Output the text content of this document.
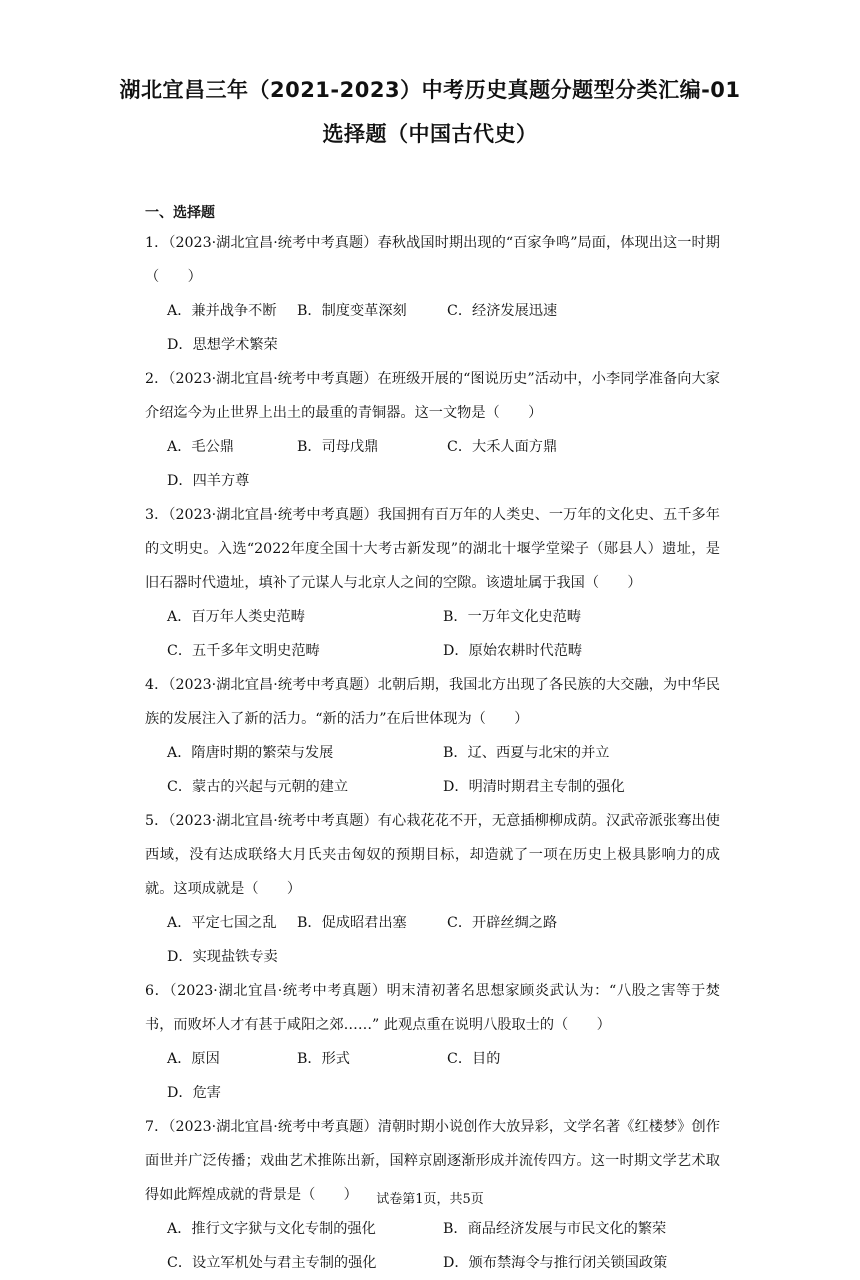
湖北宜昌三年（2021-2023）中考历史真题分题型分类汇编-01
选择题（中国古代史）
一、选择题
1．（2023·湖北宜昌·统考中考真题）春秋战国时期出现的“百家争鸣”局面，体现出这一时期（　　）
A．兼并战争不断	B．制度变革深刻	C．经济发展迅速
D．思想学术繁荣
2．（2023·湖北宜昌·统考中考真题）在班级开展的“图说历史”活动中，小李同学准备向大家介绍迄今为止世界上出土的最重的青铜器。这一文物是（　　）
A．毛公鼎	B．司母戊鼎	C．大禾人面方鼎
D．四羊方尊
3．（2023·湖北宜昌·统考中考真题）我国拥有百万年的人类史、一万年的文化史、五千多年的文明史。入选“2022年度全国十大考古新发现”的湖北十堰学堂梁子（郧县人）遗址，是旧石器时代遗址，填补了元谋人与北京人之间的空隙。该遗址属于我国（　　）
A．百万年人类史范畴	B．一万年文化史范畴
C．五千多年文明史范畴	D．原始农耕时代范畴
4．（2023·湖北宜昌·统考中考真题）北朝后期，我国北方出现了各民族的大交融，为中华民族的发展注入了新的活力。“新的活力”在后世体现为（　　）
A．隋唐时期的繁荣与发展	B．辽、西夏与北宋的并立
C．蒙古的兴起与元朝的建立	D．明清时期君主专制的强化
5．（2023·湖北宜昌·统考中考真题）有心栽花花不开，无意插柳柳成荫。汉武帝派张骞出使西域，没有达成联络大月氏夹击匈奴的预期目标，却造就了一项在历史上极具影响力的成就。这项成就是（　　）
A．平定七国之乱	B．促成昭君出塞	C．开辟丝绸之路
D．实现盐铁专卖
6．（2023·湖北宜昌·统考中考真题）明末清初著名思想家顾炎武认为：“八股之害等于焚书，而败坏人才有甚于咸阳之郊……” 此观点重在说明八股取士的（　　）
A．原因	B．形式	C．目的
D．危害
7．（2023·湖北宜昌·统考中考真题）清朝时期小说创作大放异彩，文学名著《红楼梦》创作面世并广泛传播；戏曲艺术推陈出新，国粹京剧逐渐形成并流传四方。这一时期文学艺术取得如此辉煌成就的背景是（　　）
A．推行文字狱与文化专制的强化	B．商品经济发展与市民文化的繁荣
C．设立军机处与君主专制的强化	D．颁布禁海令与推行闭关锁国政策
试卷第1页，共5页
